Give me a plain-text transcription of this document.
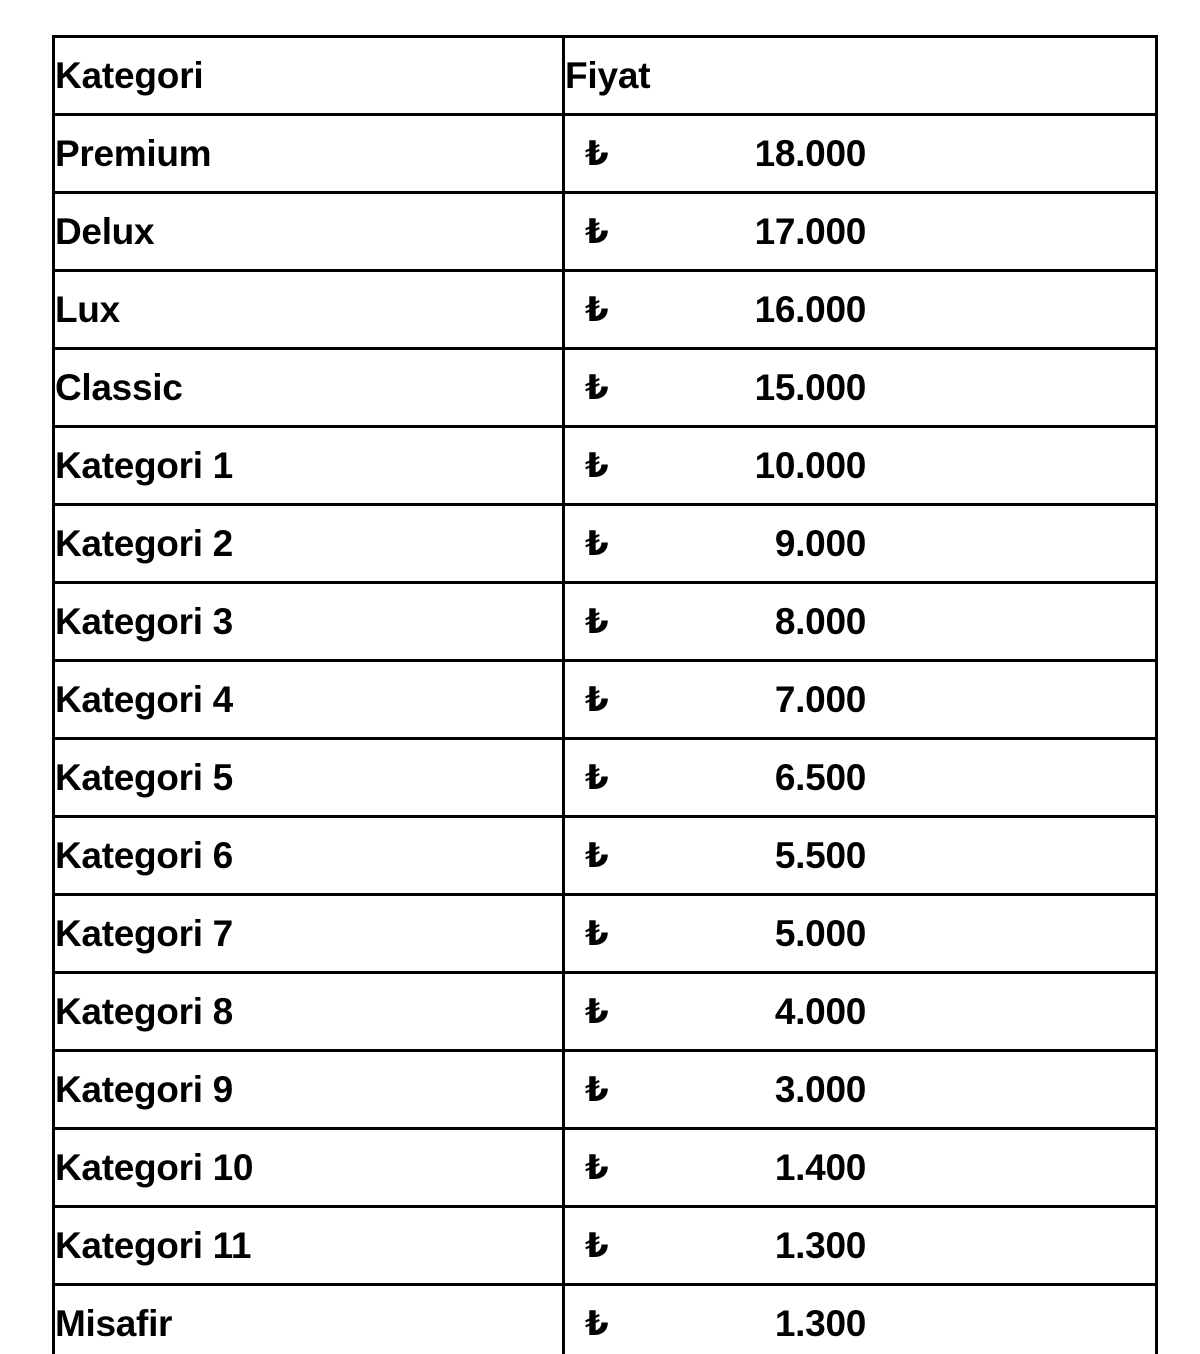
Kategori	Fiyat
Premium	₺ 18.000

Delux	₺ 17.000

Lux	₺ 16.000

Classic	₺ 15.000

Kategori 1	₺ 10.000

Kategori 2	₺ 9.000

Kategori 3	₺ 8.000

Kategori 4	₺ 7.000

Kategori 5	₺ 6.500

Kategori 6	₺ 5.500

Kategori 7	₺ 5.000

Kategori 8	₺ 4.000

Kategori 9	₺ 3.000

Kategori 10	₺ 1.400

Kategori 11	₺ 1.300

Misafir	₺ 1.300
